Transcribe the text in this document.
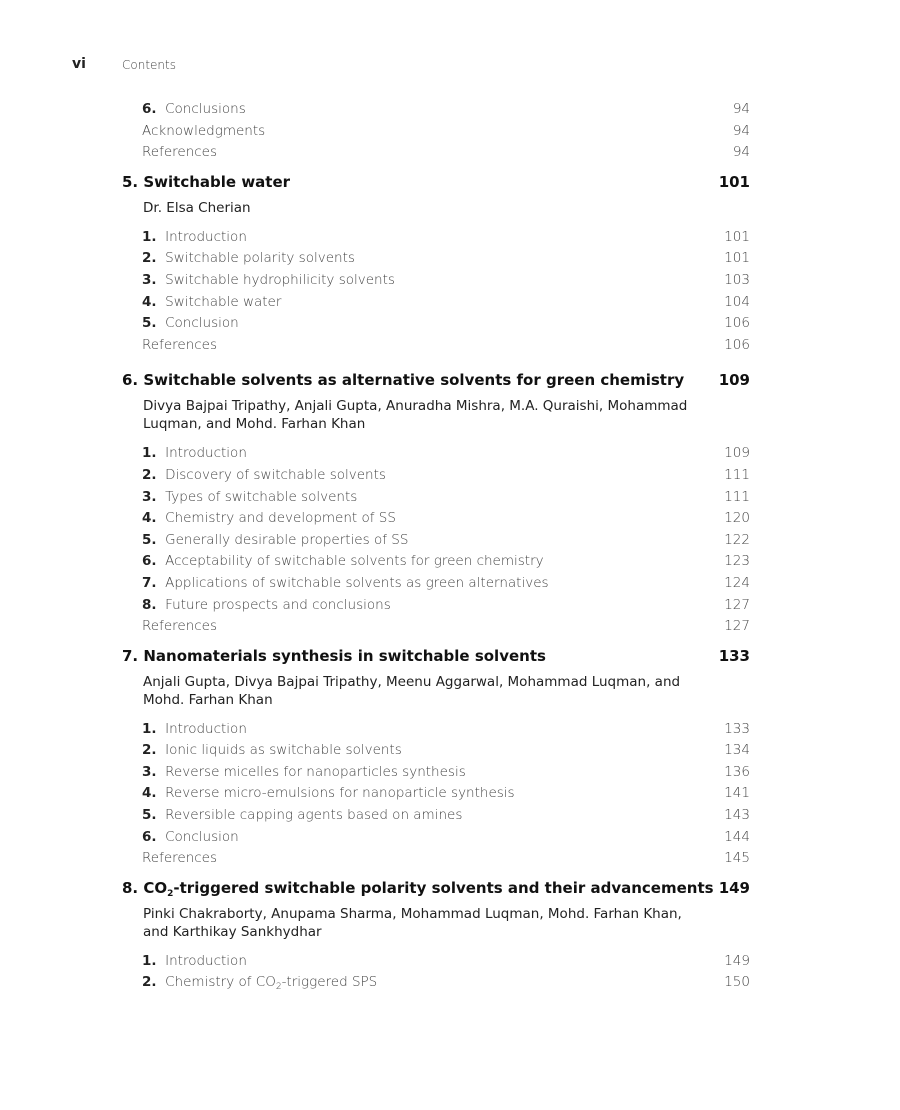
vi	Contents
6. Conclusions	94
Acknowledgments	94
References	94
5. Switchable water	101
Dr. Elsa Cherian
1. Introduction	101
2. Switchable polarity solvents	101
3. Switchable hydrophilicity solvents	103
4. Switchable water	104
5. Conclusion	106
References	106
6. Switchable solvents as alternative solvents for green chemistry 109
Divya Bajpai Tripathy, Anjali Gupta, Anuradha Mishra, M.A. Quraishi, Mohammad Luqman, and Mohd. Farhan Khan
1. Introduction	109
2. Discovery of switchable solvents	111
3. Types of switchable solvents	111
4. Chemistry and development of SS	120
5. Generally desirable properties of SS	122
6. Acceptability of switchable solvents for green chemistry	123
7. Applications of switchable solvents as green alternatives	124
8. Future prospects and conclusions	127
References	127
7. Nanomaterials synthesis in switchable solvents	133
Anjali Gupta, Divya Bajpai Tripathy, Meenu Aggarwal, Mohammad Luqman, and Mohd. Farhan Khan
1. Introduction	133
2. Ionic liquids as switchable solvents	134
3. Reverse micelles for nanoparticles synthesis	136
4. Reverse micro-emulsions for nanoparticle synthesis	141
5. Reversible capping agents based on amines	143
6. Conclusion	144
References	145
8. $CO_2$-triggered switchable polarity solvents and their advancements 149
Pinki Chakraborty, Anupama Sharma, Mohammad Luqman, Mohd. Farhan Khan, and Karthikay Sankhydhar
1. Introduction	149
2. Chemistry of $CO_2$-triggered SPS	150
